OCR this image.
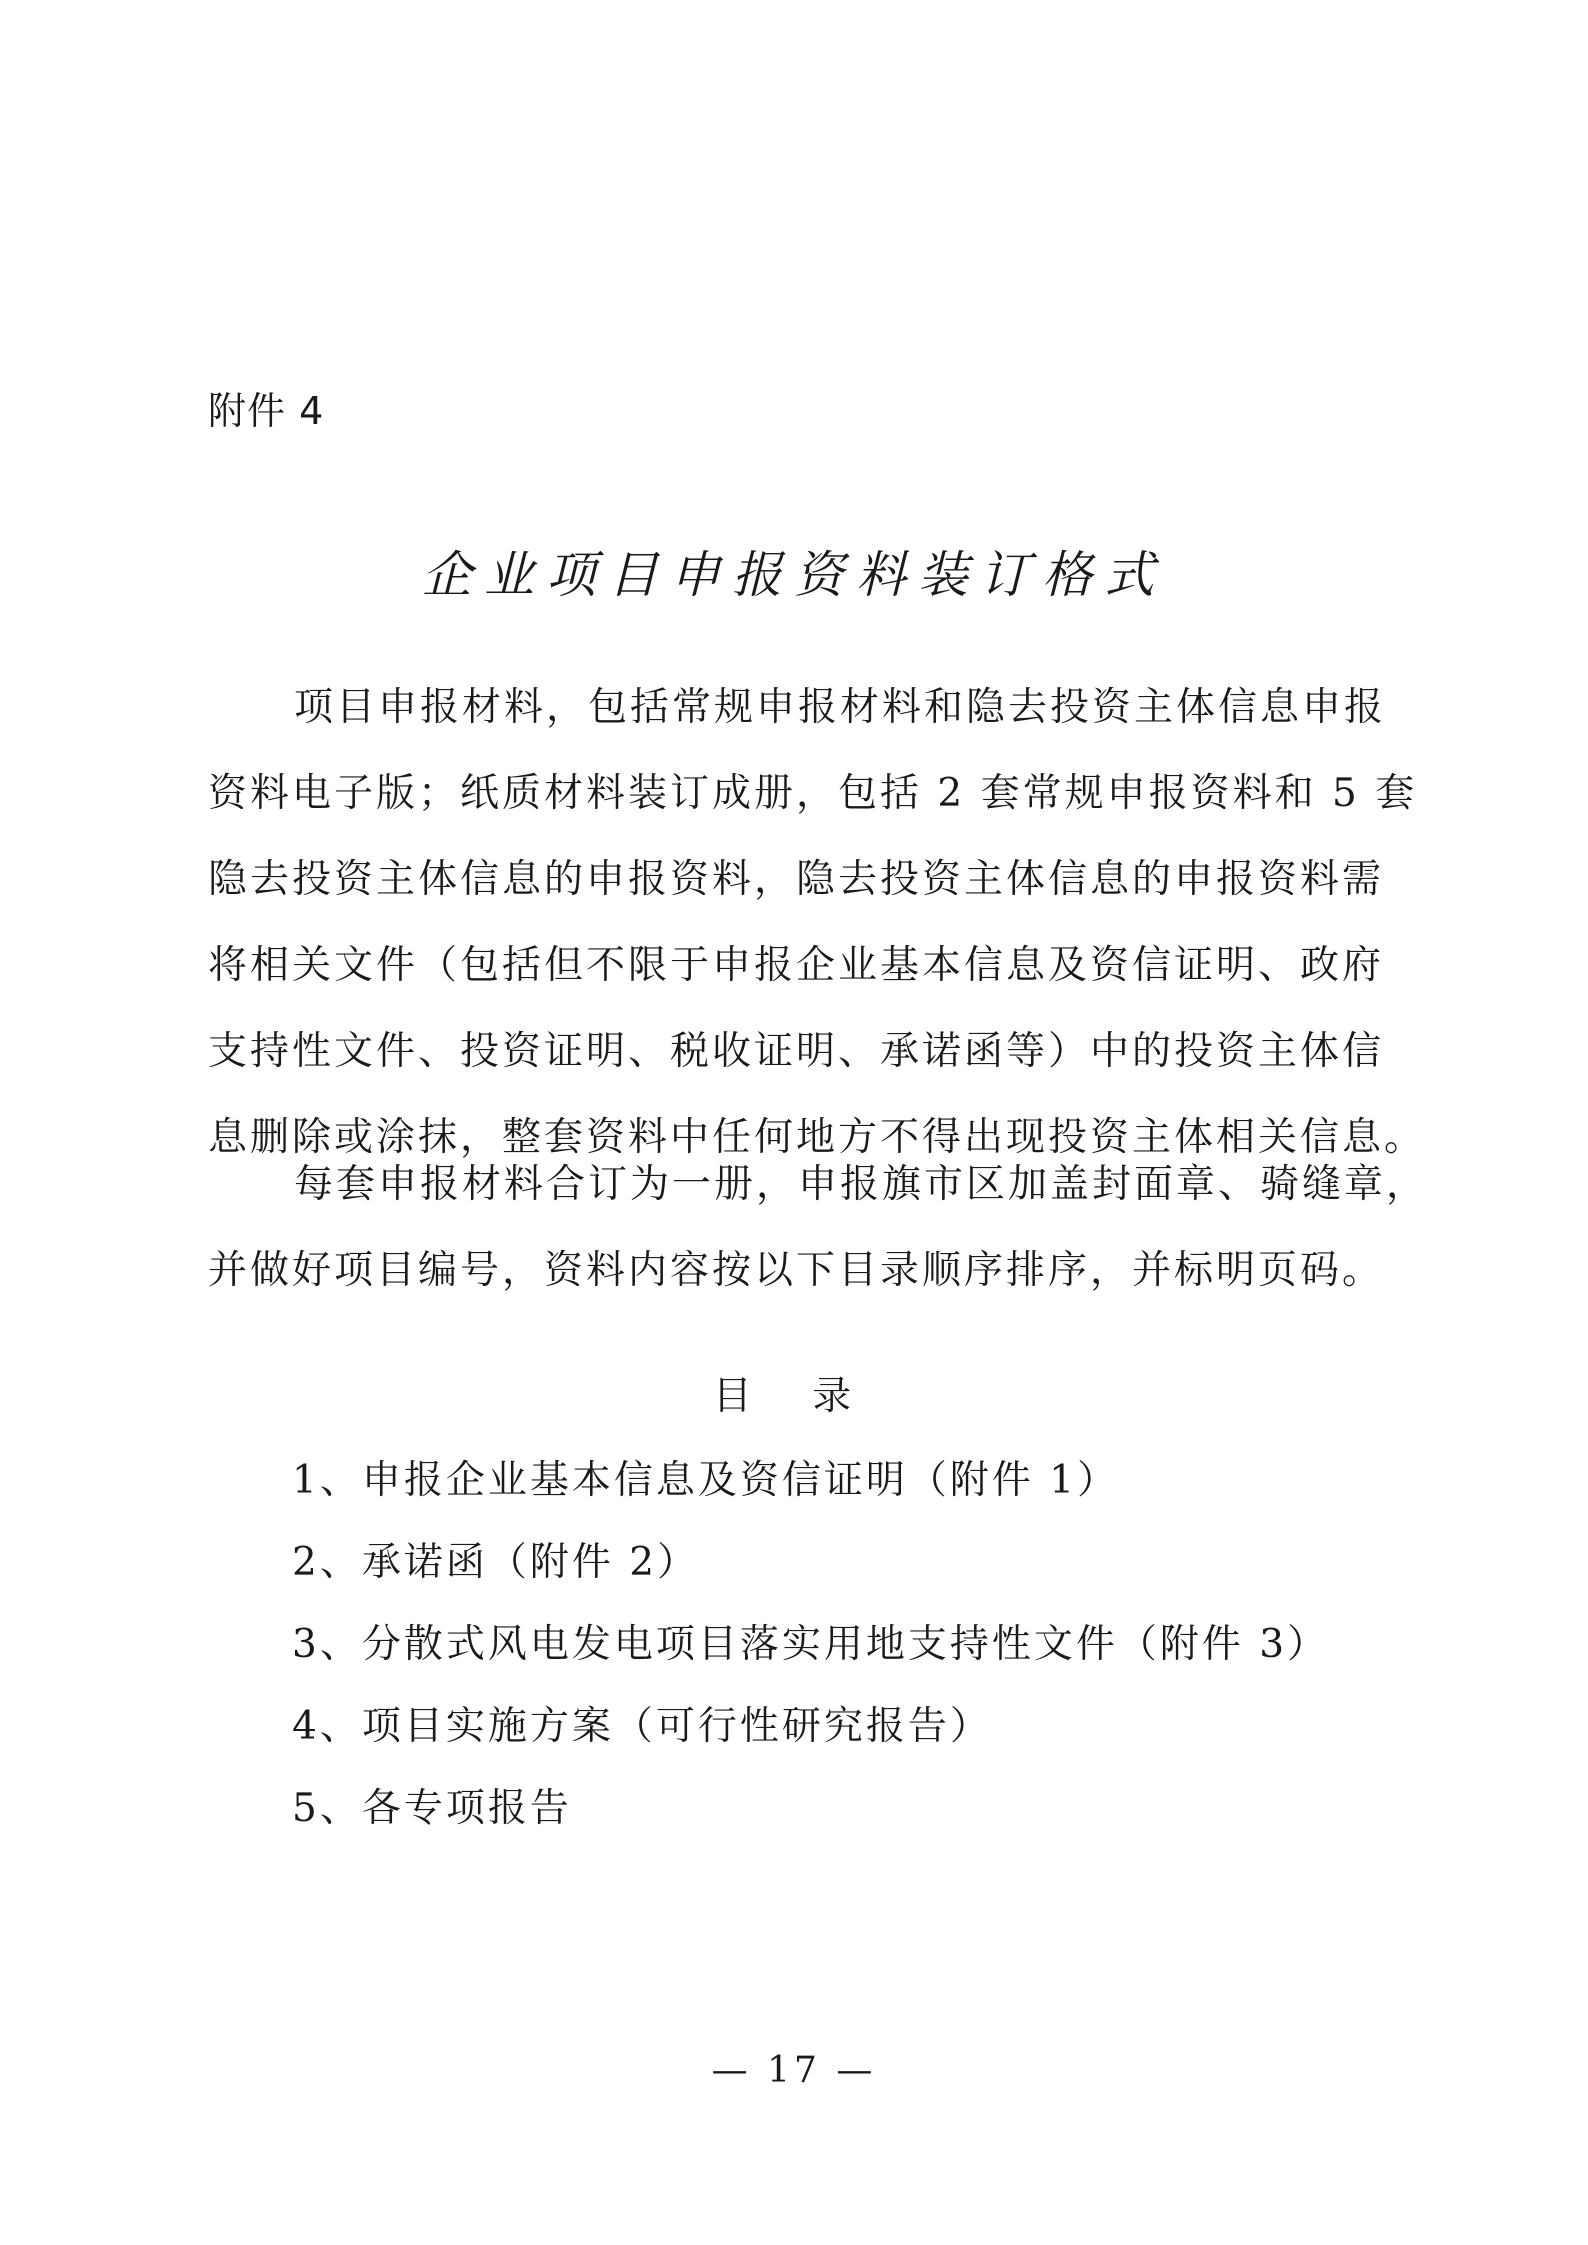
附件 4
企业项目申报资料装订格式
项目申报材料，包括常规申报材料和隐去投资主体信息申报
资料电子版；纸质材料装订成册，包括 2 套常规申报资料和 5 套
隐去投资主体信息的申报资料，隐去投资主体信息的申报资料需
将相关文件（包括但不限于申报企业基本信息及资信证明、政府
支持性文件、投资证明、税收证明、承诺函等）中的投资主体信
息删除或涂抹，整套资料中任何地方不得出现投资主体相关信息。
每套申报材料合订为一册，申报旗市区加盖封面章、骑缝章，
并做好项目编号，资料内容按以下目录顺序排序，并标明页码。
目 录
1、申报企业基本信息及资信证明（附件 1）
2、承诺函（附件 2）
3、分散式风电发电项目落实用地支持性文件（附件 3）
4、项目实施方案（可行性研究报告）
5、各专项报告
— 17 —
